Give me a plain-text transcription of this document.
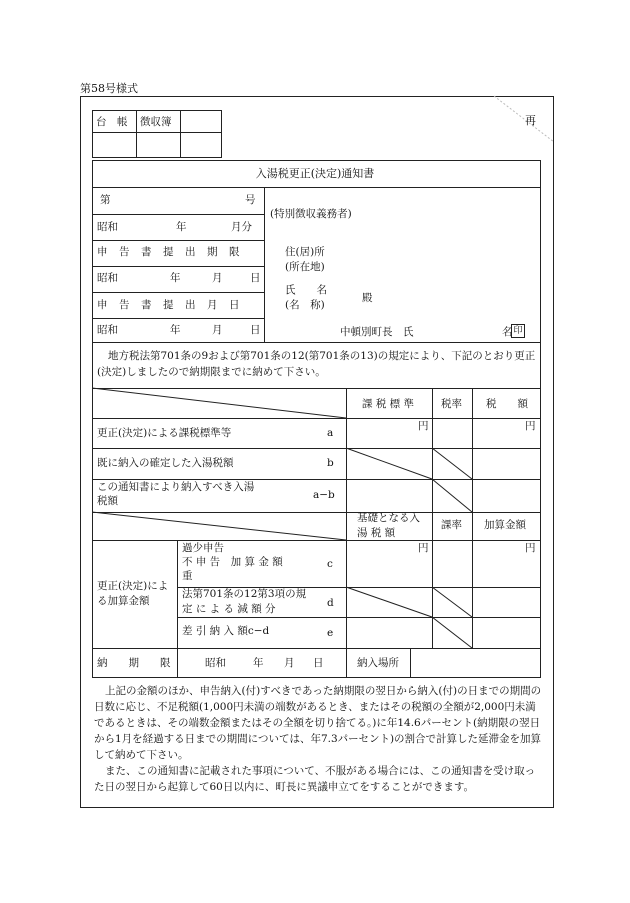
第58号様式
再
台　帳 徴収簿
入湯税更正(決定)通知書
第	号
昭和	年	月分
申　告　書　提　出　期　限
昭和	年	月	日
申　告　書　提　出　月　日
昭和	年	月	日
(特別徴収義務者)
住(居)所
(所在地)
氏　　名
(名　称)
殿
中頓別町長　氏	名 印
地方税法第701条の9および第701条の12(第701条の13)の規定により、下記のとおり更正(決定)しましたので納期限までに納めて下さい。
課 税 標 準	税率 税　　額
更正(決定)による課税標準等	a
円	円
既に納入の確定した入湯税額	b
この通知書により納入すべき入湯税額	a−b
基礎となる入 湯 税 額
課率 加算金額
更正(決定)による加算金額
過少申告
不 申 告　加 算 金 額
重
c
円	円
法第701条の12第3項の規 定 に よ る 減 額 分	d
差 引 納 入 額c−d	e
納　　期　　限	昭和	年 月 日	納入場所
上記の金額のほか、申告納入(付)すべきであった納期限の翌日から納入(付)の日までの期間の日数に応じ、不足税額(1,000円未満の端数があるとき、またはその税額の全額が2,000円未満であるときは、その端数金額またはその全額を切り捨てる。)に年14.6パーセント(納期限の翌日から1月を経過する日までの期間については、年7.3パーセント)の割合で計算した延滞金を加算して納めて下さい。
また、この通知書に記載された事項について、不服がある場合には、この通知書を受け取った日の翌日から起算して60日以内に、町長に異議申立てをすることができます。
